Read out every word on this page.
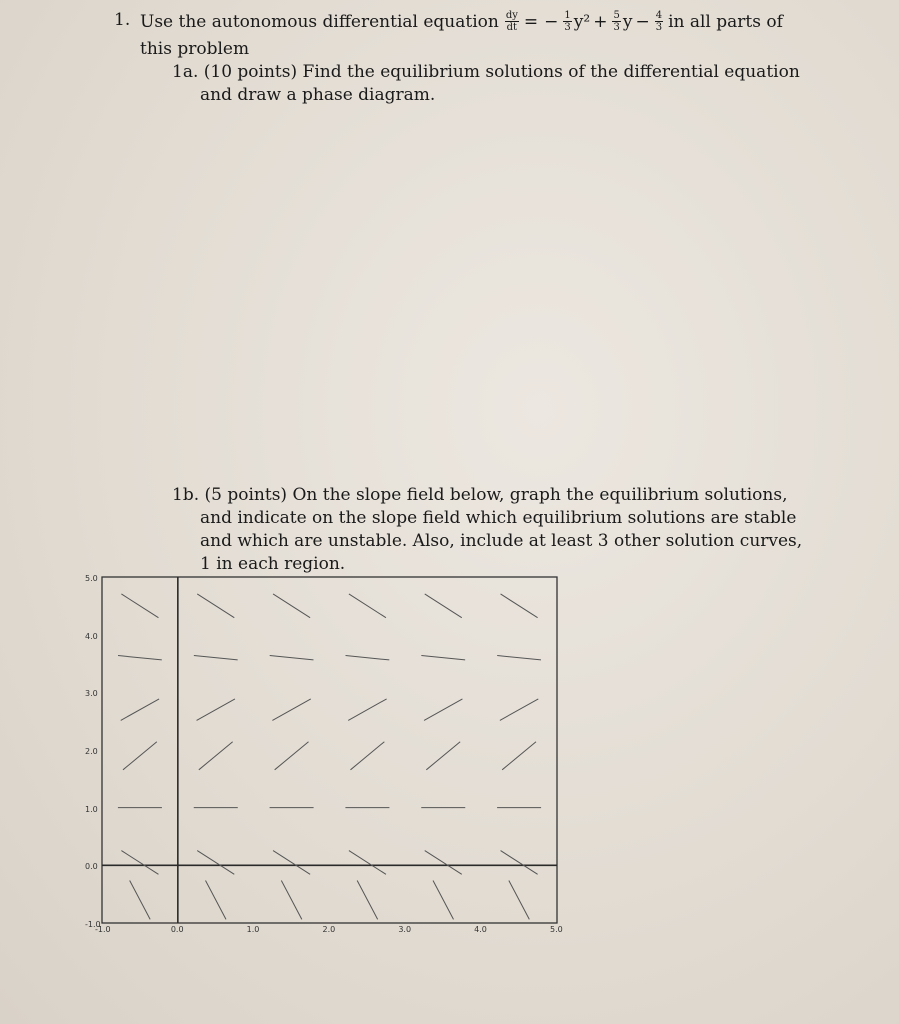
1. Use the autonomous differential equation $\frac{dy}{dt}$ = − $\frac{1}{3} y^2 + \frac{5}{3}$ $y - \frac{4}{3}$ in all parts of
this problem
1a. (10 points) Find the equilibrium solutions of the differential equation
and draw a phase diagram.
1b. (5 points) On the slope field below, graph the equilibrium solutions,
and indicate on the slope field which equilibrium solutions are stable
and which are unstable. Also, include at least 3 other solution curves,
1 in each region.
-1.0	0.0	1.0	2.0	3.0	4.0	5.0
5.0
4.0
3.0
2.0
1.0
0.0
-1.0
